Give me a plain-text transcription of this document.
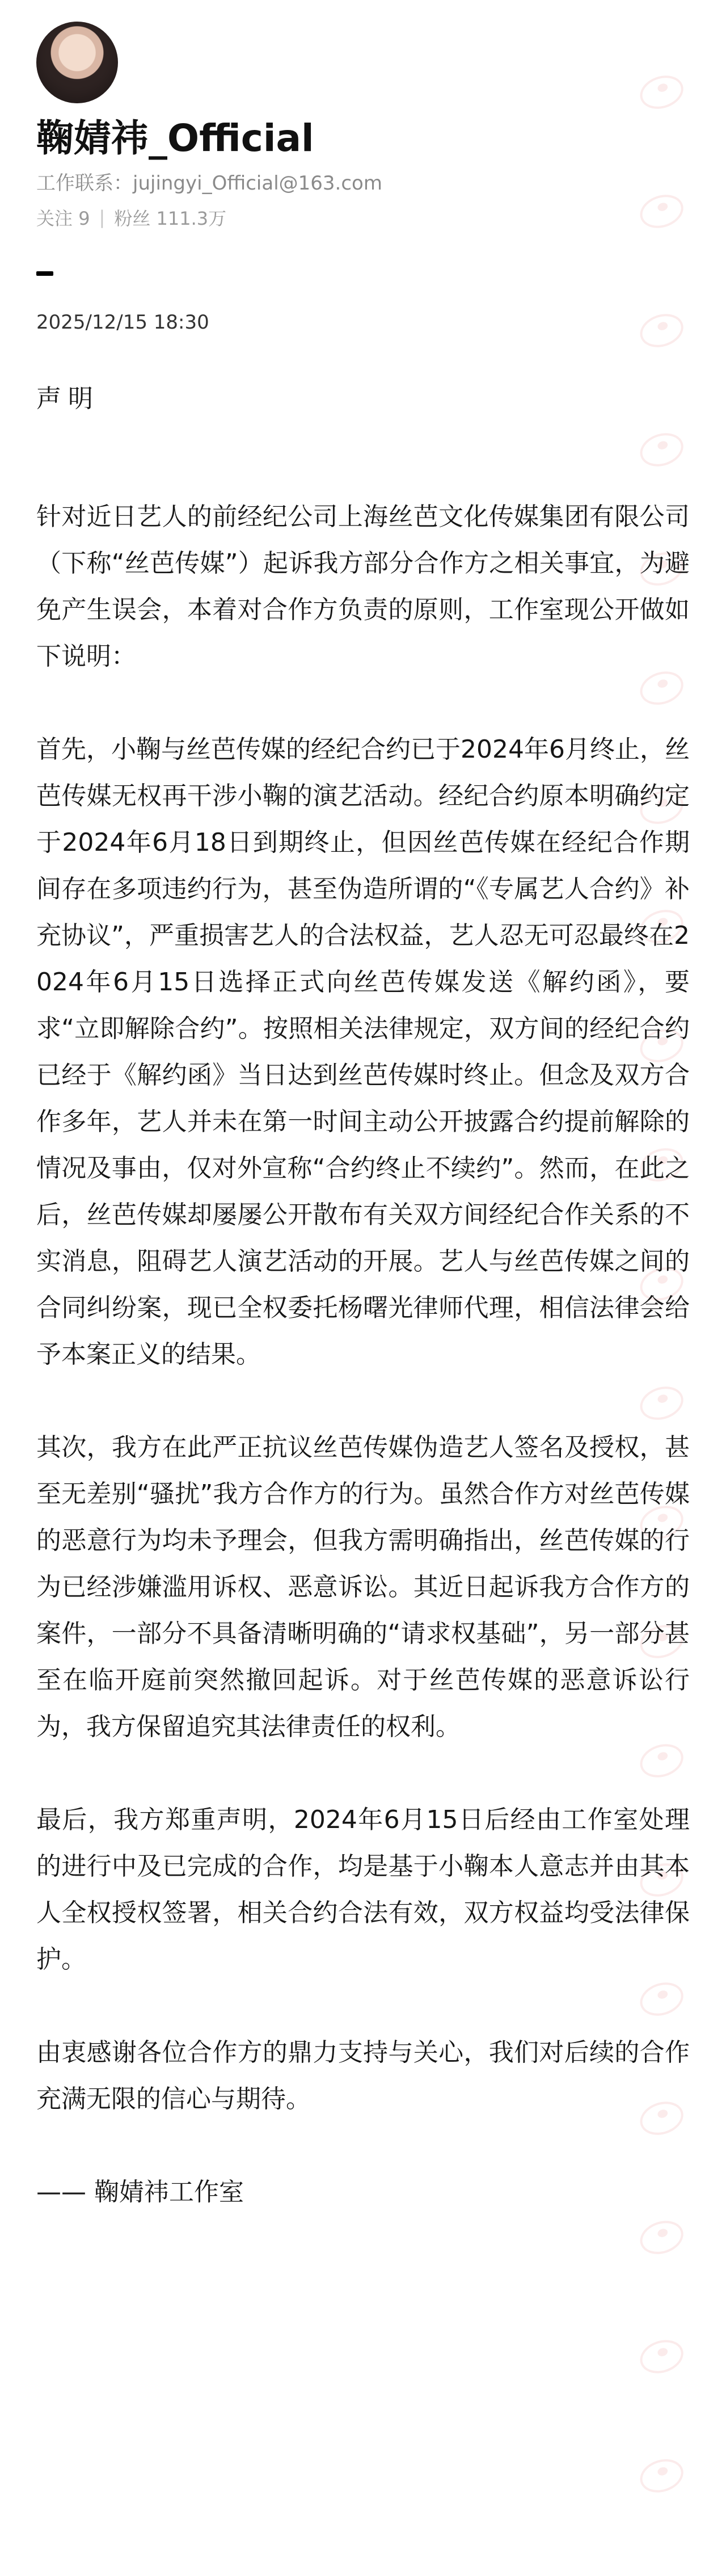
鞠婧祎_Official
工作联系：jujingyi_Official@163.com
关注 9 | 粉丝 111.3万
2025/12/15 18:30
声明

针对近日艺人的前经纪公司上海丝芭文化传媒集团有限公司（下称“丝芭传媒”）起诉我方部分合作方之相关事宜，为避免产生误会，本着对合作方负责的原则，工作室现公开做如下说明：

首先，小鞠与丝芭传媒的经纪合约已于2024年6月终止，丝芭传媒无权再干涉小鞠的演艺活动。经纪合约原本明确约定于2024年6月18日到期终止，但因丝芭传媒在经纪合作期间存在多项违约行为，甚至伪造所谓的“《专属艺人合约》补充协议”，严重损害艺人的合法权益，艺人忍无可忍最终在2024年6月15日选择正式向丝芭传媒发送《解约函》，要求“立即解除合约”。按照相关法律规定，双方间的经纪合约已经于《解约函》当日达到丝芭传媒时终止。但念及双方合作多年，艺人并未在第一时间主动公开披露合约提前解除的情况及事由，仅对外宣称“合约终止不续约”。然而，在此之后，丝芭传媒却屡屡公开散布有关双方间经纪合作关系的不实消息，阻碍艺人演艺活动的开展。艺人与丝芭传媒之间的合同纠纷案，现已全权委托杨曙光律师代理，相信法律会给予本案正义的结果。

其次，我方在此严正抗议丝芭传媒伪造艺人签名及授权，甚至无差别“骚扰”我方合作方的行为。虽然合作方对丝芭传媒的恶意行为均未予理会，但我方需明确指出，丝芭传媒的行为已经涉嫌滥用诉权、恶意诉讼。其近日起诉我方合作方的案件，一部分不具备清晰明确的“请求权基础”，另一部分甚至在临开庭前突然撤回起诉。对于丝芭传媒的恶意诉讼行为，我方保留追究其法律责任的权利。

最后，我方郑重声明，2024年6月15日后经由工作室处理的进行中及已完成的合作，均是基于小鞠本人意志并由其本人全权授权签署，相关合约合法有效，双方权益均受法律保护。

由衷感谢各位合作方的鼎力支持与关心，我们对后续的合作充满无限的信心与期待。

—— 鞠婧祎工作室
